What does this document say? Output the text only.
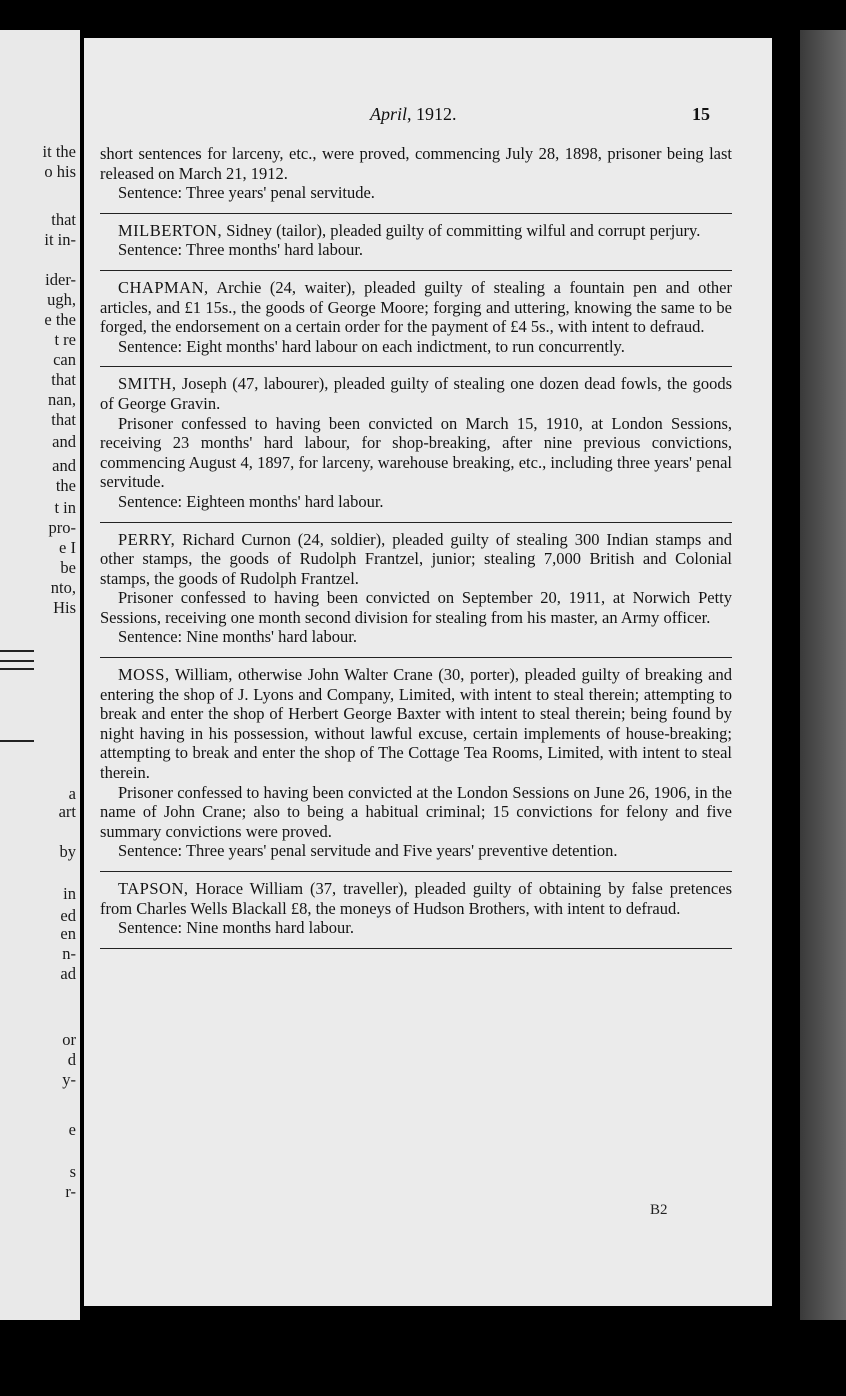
it the
o his
that
it in-
ider-
ugh,
e the
t re
can
that
nan,
that
and
and
the
t in
pro-
e I
be
nto,
His
a
art
by
in
ed
en
n-
ad
or
d
y-
e
s
r-
April, 1912.	15

short sentences for larceny, etc., were proved, commencing July 28, 1898, prisoner being last released on March 21, 1912.

Sentence: Three years' penal servitude.

MILBERTON, Sidney (tailor), pleaded guilty of committing wilful and corrupt perjury.

Sentence: Three months' hard labour.

CHAPMAN, Archie (24, waiter), pleaded guilty of stealing a fountain pen and other articles, and £1 15s., the goods of George Moore; forging and uttering, knowing the same to be forged, the endorsement on a certain order for the payment of £4 5s., with intent to defraud.

Sentence: Eight months' hard labour on each indictment, to run concurrently.

SMITH, Joseph (47, labourer), pleaded guilty of stealing one dozen dead fowls, the goods of George Gravin.

Prisoner confessed to having been convicted on March 15, 1910, at London Sessions, receiving 23 months' hard labour, for shop-breaking, after nine previous convictions, commencing August 4, 1897, for larceny, warehouse breaking, etc., including three years' penal servitude.

Sentence: Eighteen months' hard labour.

PERRY, Richard Curnon (24, soldier), pleaded guilty of stealing 300 Indian stamps and other stamps, the goods of Rudolph Frantzel, junior; stealing 7,000 British and Colonial stamps, the goods of Rudolph Frantzel.

Prisoner confessed to having been convicted on September 20, 1911, at Norwich Petty Sessions, receiving one month second division for stealing from his master, an Army officer.

Sentence: Nine months' hard labour.

MOSS, William, otherwise John Walter Crane (30, porter), pleaded guilty of breaking and entering the shop of J. Lyons and Company, Limited, with intent to steal therein; attempting to break and enter the shop of Herbert George Baxter with intent to steal therein; being found by night having in his possession, without lawful excuse, certain implements of house-breaking; attempting to break and enter the shop of The Cottage Tea Rooms, Limited, with intent to steal therein.

Prisoner confessed to having been convicted at the London Sessions on June 26, 1906, in the name of John Crane; also to being a habitual criminal; 15 convictions for felony and five summary convictions were proved.

Sentence: Three years' penal servitude and Five years' preventive detention.

TAPSON, Horace William (37, traveller), pleaded guilty of obtaining by false pretences from Charles Wells Blackall £8, the moneys of Hudson Brothers, with intent to defraud.

Sentence: Nine months hard labour.

B2
